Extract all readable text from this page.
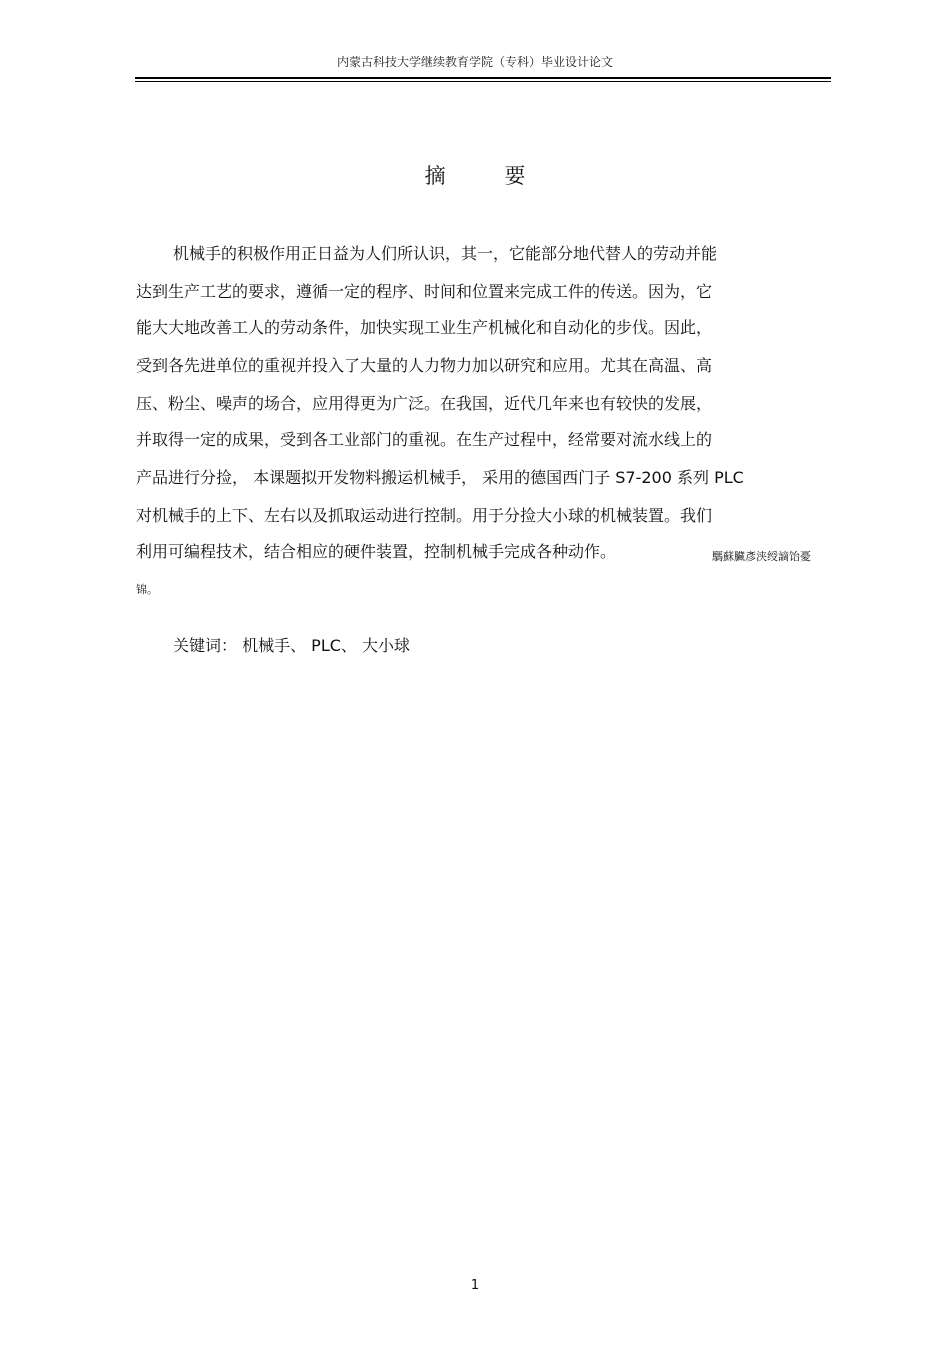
内蒙古科技大学继续教育学院（专科）毕业设计论文
摘 要
机械手的积极作用正日益为人们所认识，其一，它能部分地代替人的劳动并能
达到生产工艺的要求，遵循一定的程序、时间和位置来完成工件的传送。因为，它
能大大地改善工人的劳动条件，加快实现工业生产机械化和自动化的步伐。因此，
受到各先进单位的重视并投入了大量的人力物力加以研究和应用。尤其在高温、高
压、粉尘、噪声的场合，应用得更为广泛。在我国，近代几年来也有较快的发展，
并取得一定的成果，受到各工业部门的重视。在生产过程中，经常要对流水线上的
产品进行分捡， 本课题拟开发物料搬运机械手， 采用的德国西门子 S7-200 系列 PLC
对机械手的上下、左右以及抓取运动进行控制。用于分捡大小球的机械装置。我们
利用可编程技术，结合相应的硬件装置，控制机械手完成各种动作。	騳蘇臟彥浃绶謫饴憂
锦。
关键词： 机械手、 PLC、 大小球
1
